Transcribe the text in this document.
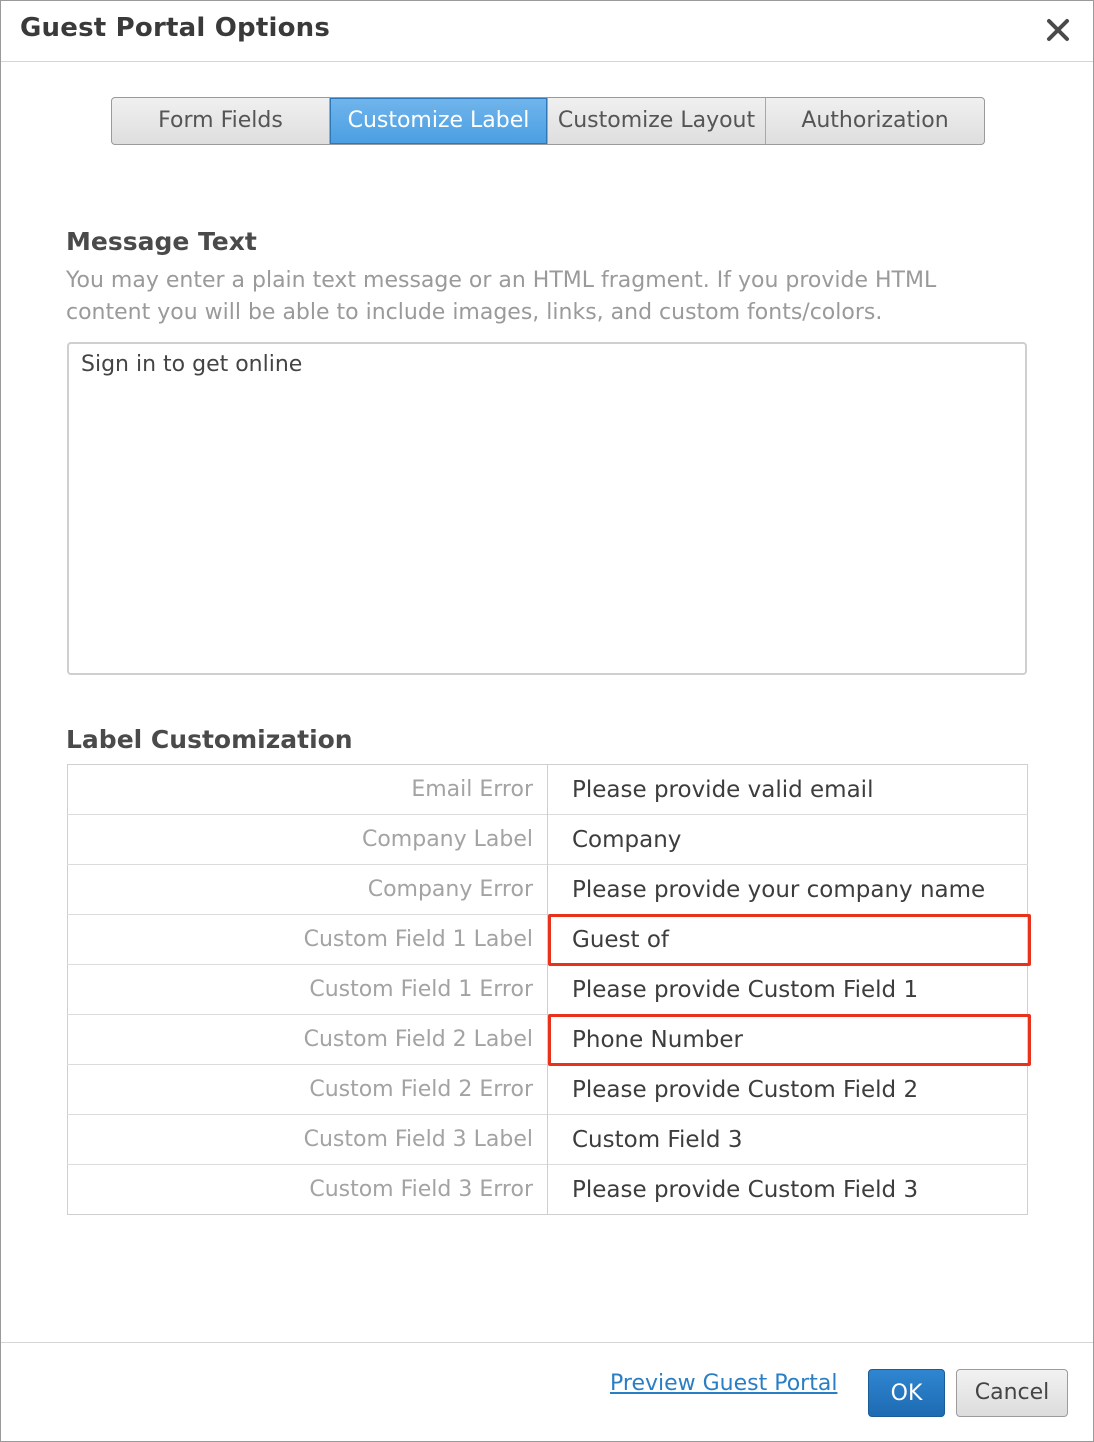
Guest Portal Options
Form Fields	Customize Label	Customize Layout	Authorization
Message Text
You may enter a plain text message or an HTML fragment. If you provide HTML content you will be able to include images, links, and custom fonts/colors.
Sign in to get online
Label Customization
Email Error	Please provide valid email
Company Label	Company
Company Error	Please provide your company name
Custom Field 1 Label	Guest of

Custom Field 1 Error	Please provide Custom Field 1
Custom Field 2 Label	Phone Number

Custom Field 2 Error	Please provide Custom Field 2
Custom Field 3 Label	Custom Field 3
Custom Field 3 Error	Please provide Custom Field 3
Preview Guest Portal	OK	Cancel
